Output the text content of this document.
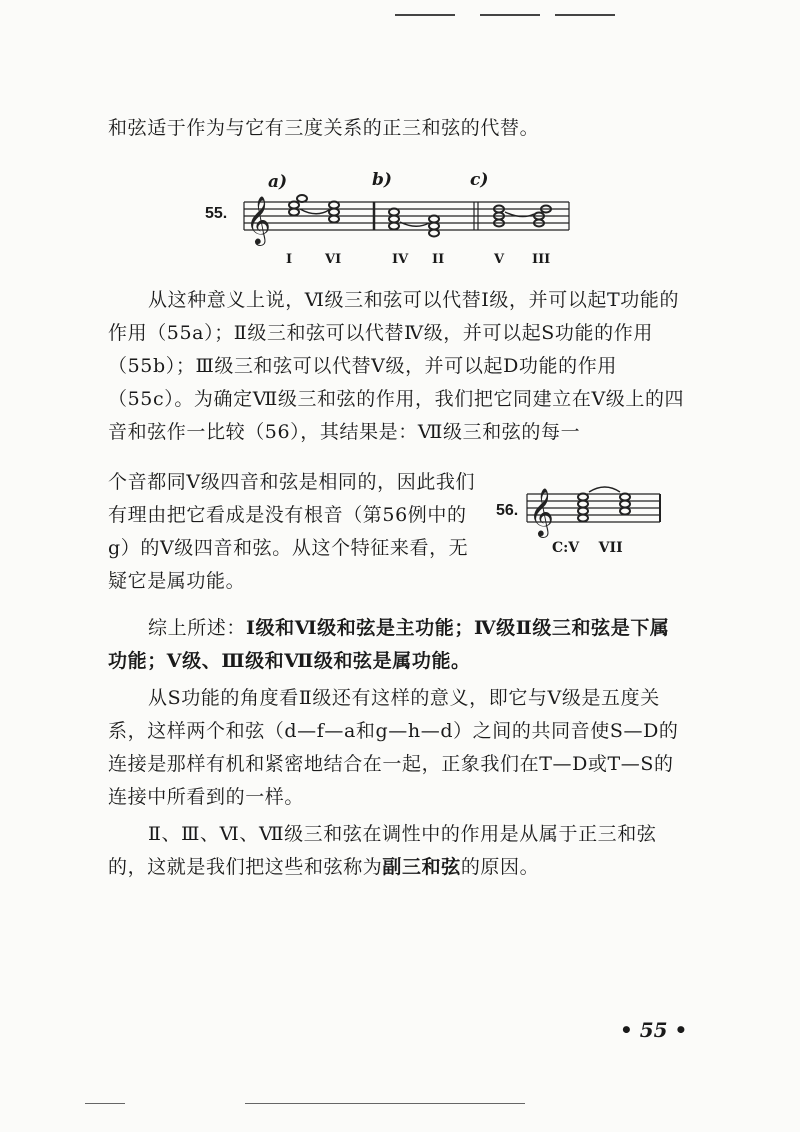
和弦适于作为与它有三度关系的正三和弦的代替。

55.
a)	b)	c)
𝄞
I	VI	IV II	V III

从这种意义上说，Ⅵ级三和弦可以代替Ⅰ级，并可以起T功能的作用（55a）；Ⅱ级三和弦可以代替Ⅳ级，并可以起S功能的作用（55b）；Ⅲ级三和弦可以代替Ⅴ级，并可以起D功能的作用（55c）。为确定Ⅶ级三和弦的作用，我们把它同建立在Ⅴ级上的四音和弦作一比较（56），其结果是：Ⅶ级三和弦的每一

个音都同Ⅴ级四音和弦是相同的，因此我们有理由把它看成是没有根音（第56例中的g）的Ⅴ级四音和弦。从这个特征来看，无疑它是属功能。

56. 𝄞
C:V    VII

综上所述：Ⅰ级和Ⅵ级和弦是主功能；Ⅳ级Ⅱ级三和弦是下属功能；Ⅴ级、Ⅲ级和Ⅶ级和弦是属功能。

从S功能的角度看Ⅱ级还有这样的意义，即它与Ⅴ级是五度关系，这样两个和弦（d—f—a和g—h—d）之间的共同音使S—D的连接是那样有机和紧密地结合在一起，正象我们在T—D或T—S的连接中所看到的一样。

Ⅱ、Ⅲ、Ⅵ、Ⅶ级三和弦在调性中的作用是从属于正三和弦的，这就是我们把这些和弦称为副三和弦的原因。

• 55 •
